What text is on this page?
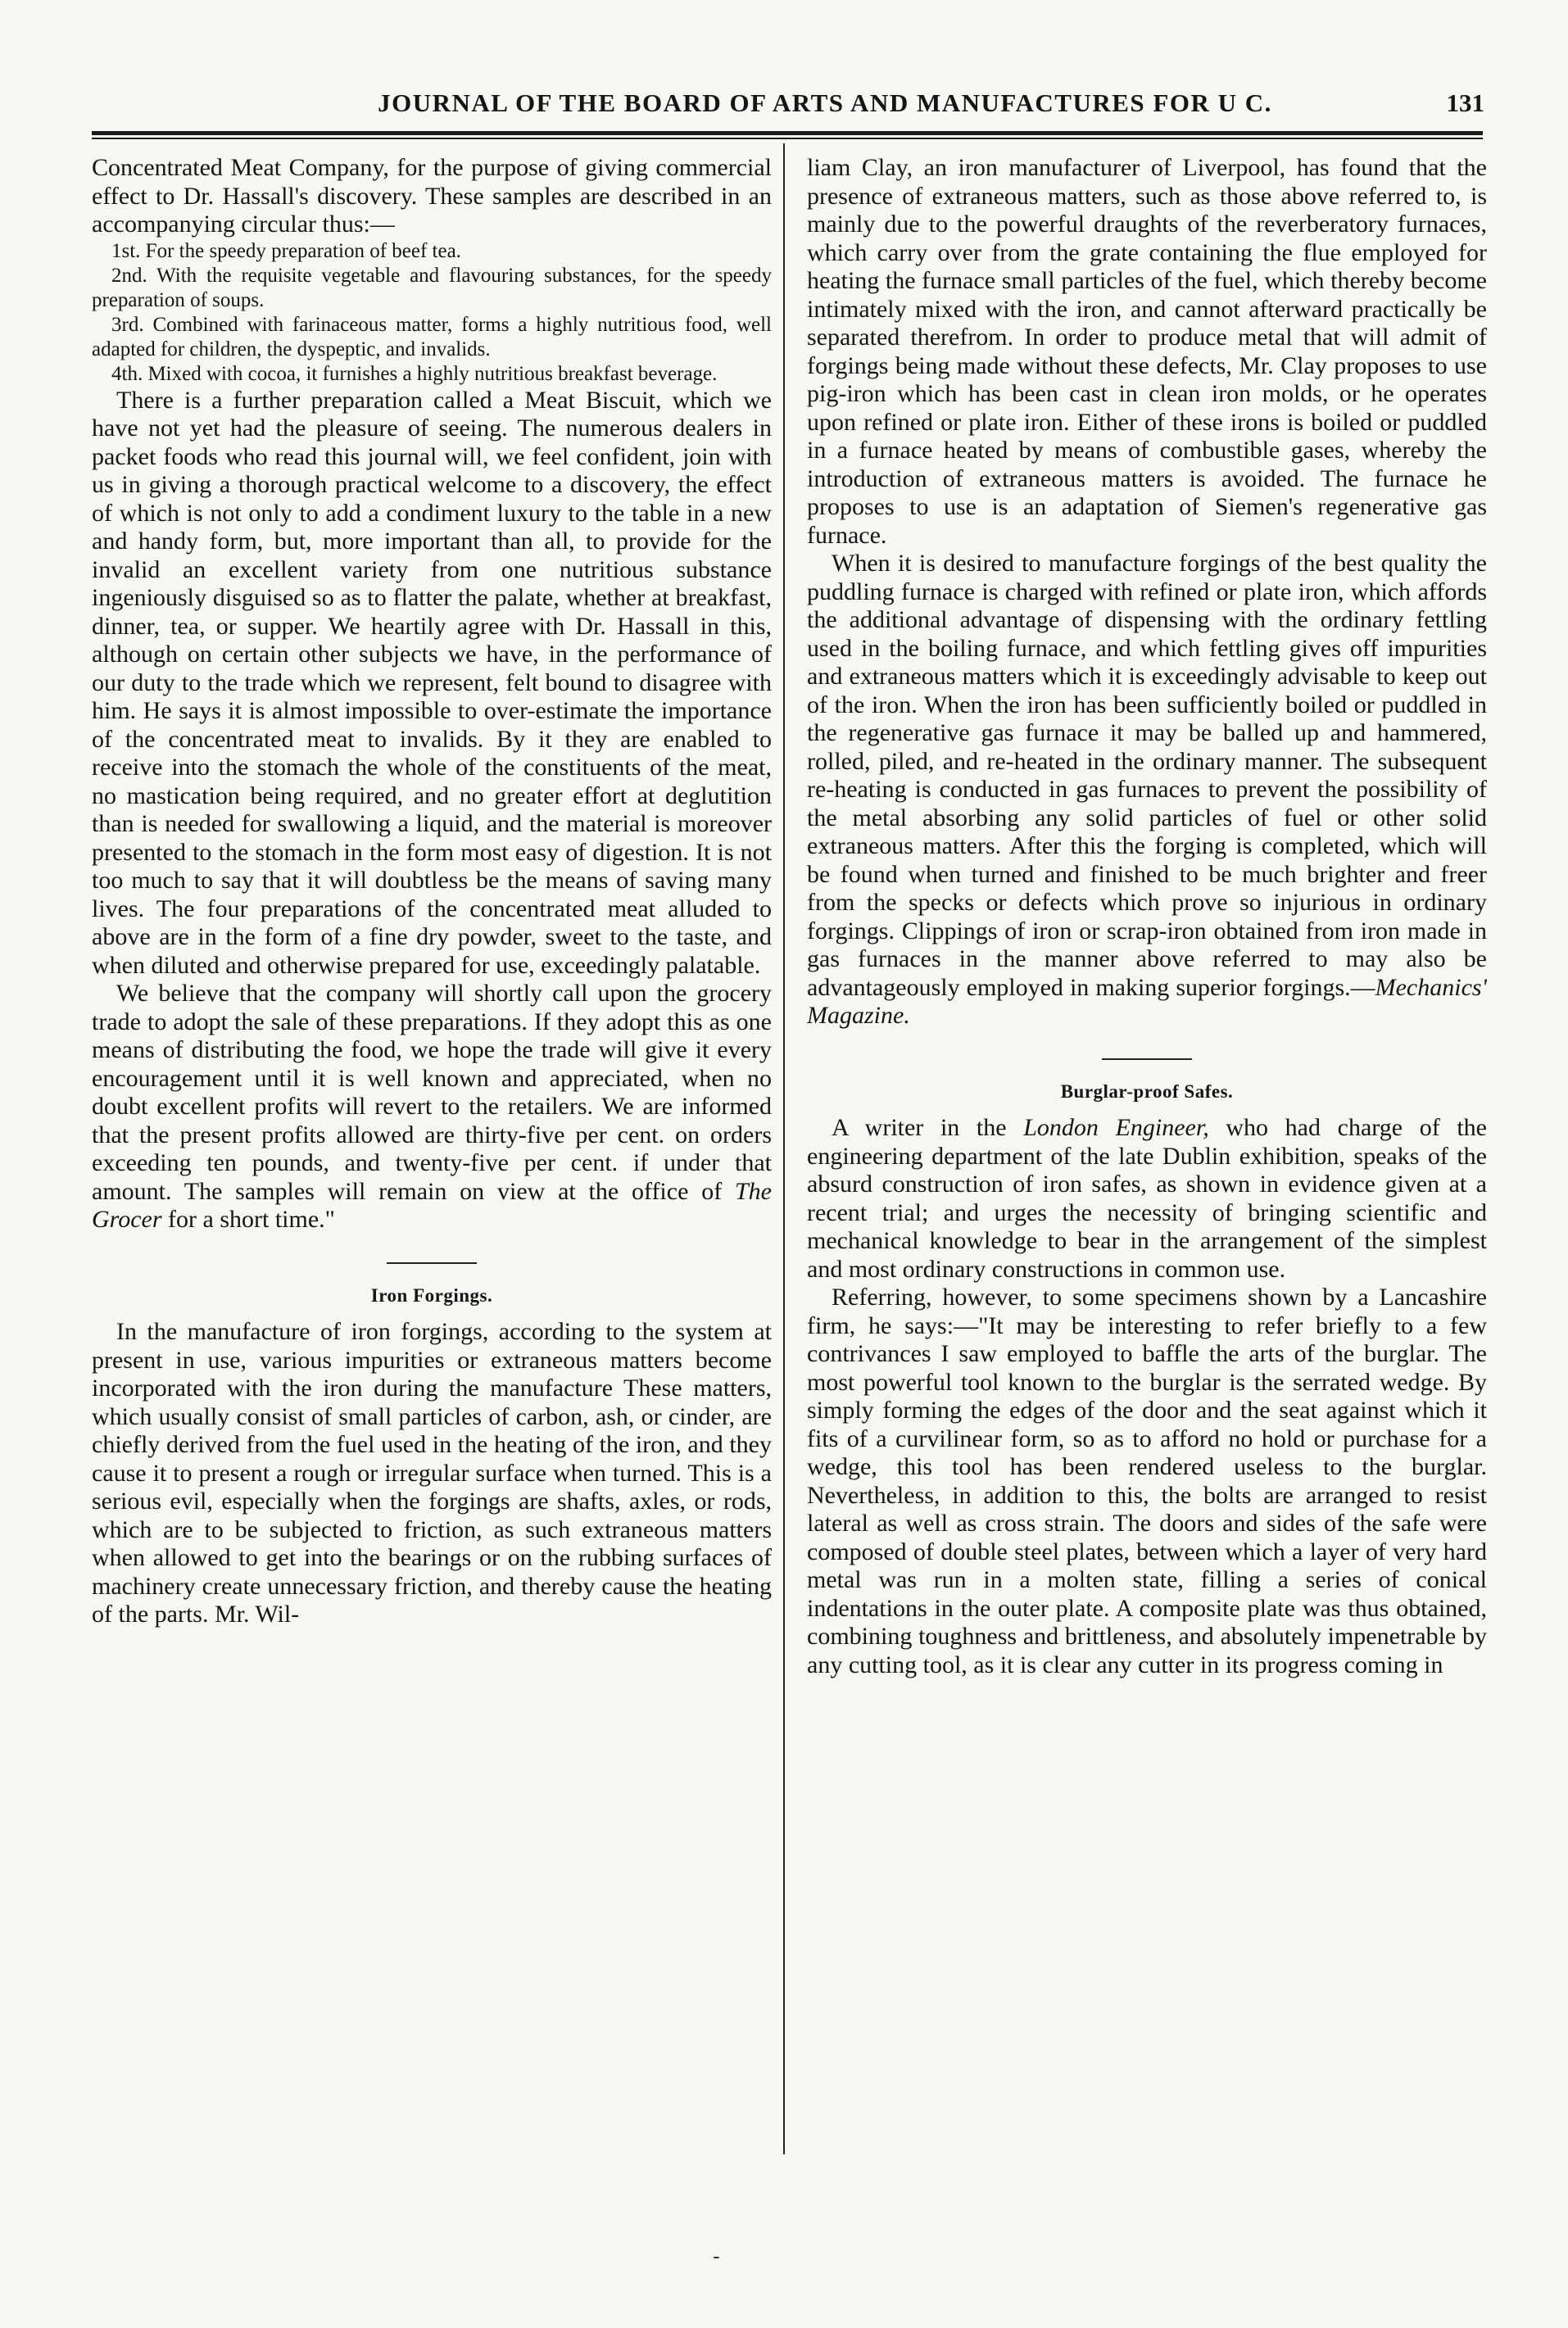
JOURNAL OF THE BOARD OF ARTS AND MANUFACTURES FOR U C.	131

Concentrated Meat Company, for the purpose of giving commercial effect to Dr. Hassall's discovery. These samples are described in an accompanying circular thus:—

1st. For the speedy preparation of beef tea.

2nd. With the requisite vegetable and flavouring substances, for the speedy preparation of soups.

3rd. Combined with farinaceous matter, forms a highly nutritious food, well adapted for children, the dyspeptic, and invalids.

4th. Mixed with cocoa, it furnishes a highly nutritious breakfast beverage.

There is a further preparation called a Meat Biscuit, which we have not yet had the pleasure of seeing. The numerous dealers in packet foods who read this journal will, we feel confident, join with us in giving a thorough practical welcome to a discovery, the effect of which is not only to add a condiment luxury to the table in a new and handy form, but, more important than all, to provide for the invalid an excellent variety from one nutritious substance ingeniously disguised so as to flatter the palate, whether at breakfast, dinner, tea, or supper. We heartily agree with Dr. Hassall in this, although on certain other subjects we have, in the performance of our duty to the trade which we represent, felt bound to disagree with him. He says it is almost impossible to over-estimate the importance of the concentrated meat to invalids. By it they are enabled to receive into the stomach the whole of the constituents of the meat, no mastication being required, and no greater effort at deglutition than is needed for swallowing a liquid, and the material is moreover presented to the stomach in the form most easy of digestion. It is not too much to say that it will doubtless be the means of saving many lives. The four preparations of the concentrated meat alluded to above are in the form of a fine dry powder, sweet to the taste, and when diluted and otherwise prepared for use, exceedingly palatable.

We believe that the company will shortly call upon the grocery trade to adopt the sale of these preparations. If they adopt this as one means of distributing the food, we hope the trade will give it every encouragement until it is well known and appreciated, when no doubt excellent profits will revert to the retailers. We are informed that the present profits allowed are thirty-five per cent. on orders exceeding ten pounds, and twenty-five per cent. if under that amount. The samples will remain on view at the office of The Grocer for a short time."

Iron Forgings.

In the manufacture of iron forgings, according to the system at present in use, various impurities or extraneous matters become incorporated with the iron during the manufacture These matters, which usually consist of small particles of carbon, ash, or cinder, are chiefly derived from the fuel used in the heating of the iron, and they cause it to present a rough or irregular surface when turned. This is a serious evil, especially when the forgings are shafts, axles, or rods, which are to be subjected to friction, as such extraneous matters when allowed to get into the bearings or on the rubbing surfaces of machinery create unnecessary friction, and thereby cause the heating of the parts. Mr. Wil-

liam Clay, an iron manufacturer of Liverpool, has found that the presence of extraneous matters, such as those above referred to, is mainly due to the powerful draughts of the reverberatory furnaces, which carry over from the grate containing the flue employed for heating the furnace small particles of the fuel, which thereby become intimately mixed with the iron, and cannot afterward practically be separated therefrom. In order to produce metal that will admit of forgings being made without these defects, Mr. Clay proposes to use pig-iron which has been cast in clean iron molds, or he operates upon refined or plate iron. Either of these irons is boiled or puddled in a furnace heated by means of combustible gases, whereby the introduction of extraneous matters is avoided. The furnace he proposes to use is an adaptation of Siemen's regenerative gas furnace.

When it is desired to manufacture forgings of the best quality the puddling furnace is charged with refined or plate iron, which affords the additional advantage of dispensing with the ordinary fettling used in the boiling furnace, and which fettling gives off impurities and extraneous matters which it is exceedingly advisable to keep out of the iron. When the iron has been sufficiently boiled or puddled in the regenerative gas furnace it may be balled up and hammered, rolled, piled, and re-heated in the ordinary manner. The subsequent re-heating is conducted in gas furnaces to prevent the possibility of the metal absorbing any solid particles of fuel or other solid extraneous matters. After this the forging is completed, which will be found when turned and finished to be much brighter and freer from the specks or defects which prove so injurious in ordinary forgings. Clippings of iron or scrap-iron obtained from iron made in gas furnaces in the manner above referred to may also be advantageously employed in making superior forgings.—Mechanics' Magazine.

Burglar-proof Safes.

A writer in the London Engineer, who had charge of the engineering department of the late Dublin exhibition, speaks of the absurd construction of iron safes, as shown in evidence given at a recent trial; and urges the necessity of bringing scientific and mechanical knowledge to bear in the arrangement of the simplest and most ordinary constructions in common use.

Referring, however, to some specimens shown by a Lancashire firm, he says:—"It may be interesting to refer briefly to a few contrivances I saw employed to baffle the arts of the burglar. The most powerful tool known to the burglar is the serrated wedge. By simply forming the edges of the door and the seat against which it fits of a curvilinear form, so as to afford no hold or purchase for a wedge, this tool has been rendered useless to the burglar. Nevertheless, in addition to this, the bolts are arranged to resist lateral as well as cross strain. The doors and sides of the safe were composed of double steel plates, between which a layer of very hard metal was run in a molten state, filling a series of conical indentations in the outer plate. A composite plate was thus obtained, combining toughness and brittleness, and absolutely impenetrable by any cutting tool, as it is clear any cutter in its progress coming in

-
